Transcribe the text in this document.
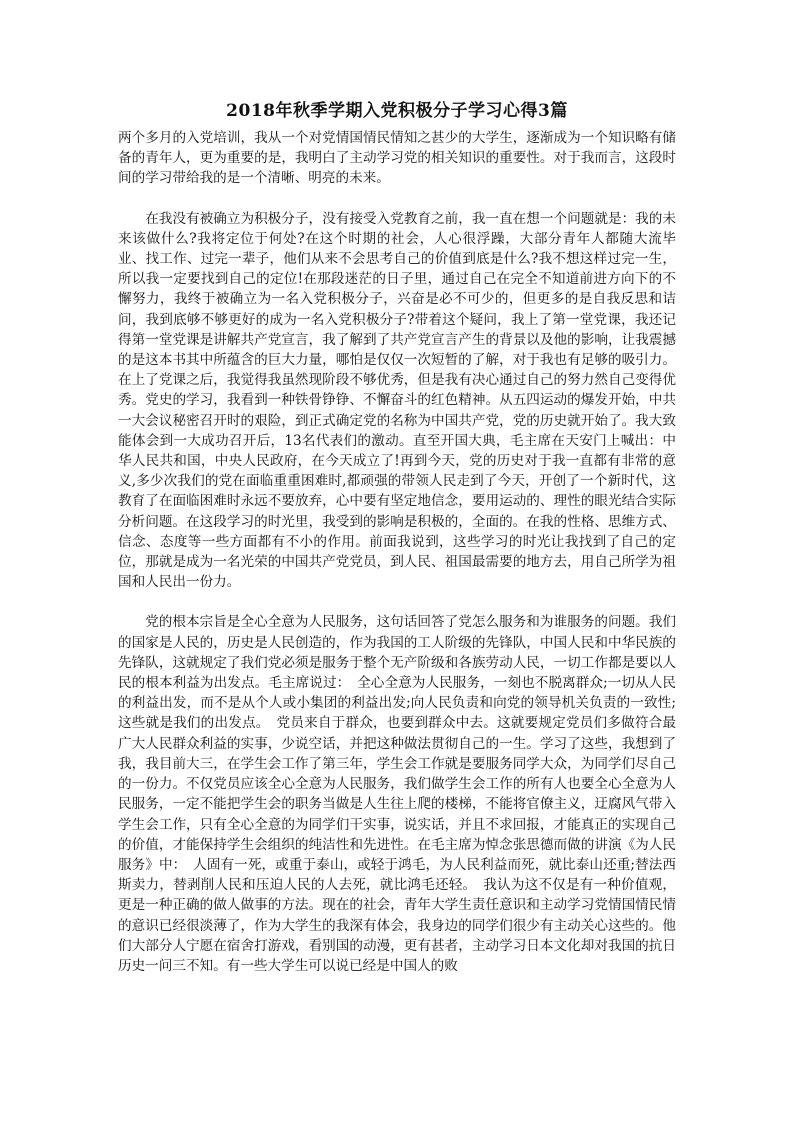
2018年秋季学期入党积极分子学习心得3篇

两个多月的入党培训，我从一个对党情国情民情知之甚少的大学生，逐渐成为一个知识略有储备的青年人，更为重要的是，我明白了主动学习党的相关知识的重要性。对于我而言，这段时间的学习带给我的是一个清晰、明亮的未来。

在我没有被确立为积极分子，没有接受入党教育之前，我一直在想一个问题就是：我的未来该做什么?我将定位于何处?在这个时期的社会，人心很浮躁，大部分青年人都随大流毕业、找工作、过完一辈子，他们从来不会思考自己的价值到底是什么?我不想这样过完一生，所以我一定要找到自己的定位!在那段迷茫的日子里，通过自己在完全不知道前进方向下的不懈努力，我终于被确立为一名入党积极分子，兴奋是必不可少的，但更多的是自我反思和诘问，我到底够不够更好的成为一名入党积极分子?带着这个疑问，我上了第一堂党课，我还记得第一堂党课是讲解共产党宣言，我了解到了共产党宣言产生的背景以及他的影响，让我震撼的是这本书其中所蕴含的巨大力量，哪怕是仅仅一次短暂的了解，对于我也有足够的吸引力。在上了党课之后，我觉得我虽然现阶段不够优秀，但是我有决心通过自己的努力然自己变得优秀。党史的学习，我看到一种铁骨铮铮、不懈奋斗的红色精神。从五四运动的爆发开始，中共一大会议秘密召开时的艰险，到正式确定党的名称为中国共产党，党的历史就开始了。我大致能体会到一大成功召开后，13名代表们的激动。直至开国大典，毛主席在天安门上喊出：中华人民共和国，中央人民政府，在今天成立了!再到今天，党的历史对于我一直都有非常的意义,多少次我们的党在面临重重困难时,都顽强的带领人民走到了今天，开创了一个新时代，这教育了在面临困难时永远不要放弃，心中要有坚定地信念，要用运动的、理性的眼光结合实际分析问题。在这段学习的时光里，我受到的影响是积极的，全面的。在我的性格、思维方式、信念、态度等一些方面都有不小的作用。前面我说到，这些学习的时光让我找到了自己的定位，那就是成为一名光荣的中国共产党党员，到人民、祖国最需要的地方去，用自己所学为祖国和人民出一份力。

党的根本宗旨是全心全意为人民服务，这句话回答了党怎么服务和为谁服务的问题。我们的国家是人民的，历史是人民创造的，作为我国的工人阶级的先锋队，中国人民和中华民族的先锋队，这就规定了我们党必须是服务于整个无产阶级和各族劳动人民，一切工作都是要以人民的根本利益为出发点。毛主席说过：　全心全意为人民服务，一刻也不脱离群众;一切从人民的利益出发，而不是从个人或小集团的利益出发;向人民负责和向党的领导机关负责的一致性;这些就是我们的出发点。　党员来自于群众，也要到群众中去。这就要规定党员们多做符合最广大人民群众利益的实事，少说空话，并把这种做法贯彻自己的一生。学习了这些，我想到了我，我目前大三，在学生会工作了第三年，学生会工作就是要服务同学大众，为同学们尽自己的一份力。不仅党员应该全心全意为人民服务，我们做学生会工作的所有人也要全心全意为人民服务，一定不能把学生会的职务当做是人生往上爬的楼梯，不能将官僚主义，迂腐风气带入学生会工作，只有全心全意的为同学们干实事，说实话，并且不求回报，才能真正的实现自己的价值，才能保持学生会组织的纯洁性和先进性。在毛主席为悼念张思德而做的讲演《为人民服务》中：　人固有一死，或重于泰山，或轻于鸿毛，为人民利益而死，就比泰山还重;替法西斯卖力，替剥削人民和压迫人民的人去死，就比鸿毛还轻。　我认为这不仅是有一种价值观，更是一种正确的做人做事的方法。现在的社会，青年大学生责任意识和主动学习党情国情民情的意识已经很淡薄了，作为大学生的我深有体会，我身边的同学们很少有主动关心这些的。他们大部分人宁愿在宿舍打游戏，看别国的动漫，更有甚者，主动学习日本文化却对我国的抗日历史一问三不知。有一些大学生可以说已经是中国人的败
